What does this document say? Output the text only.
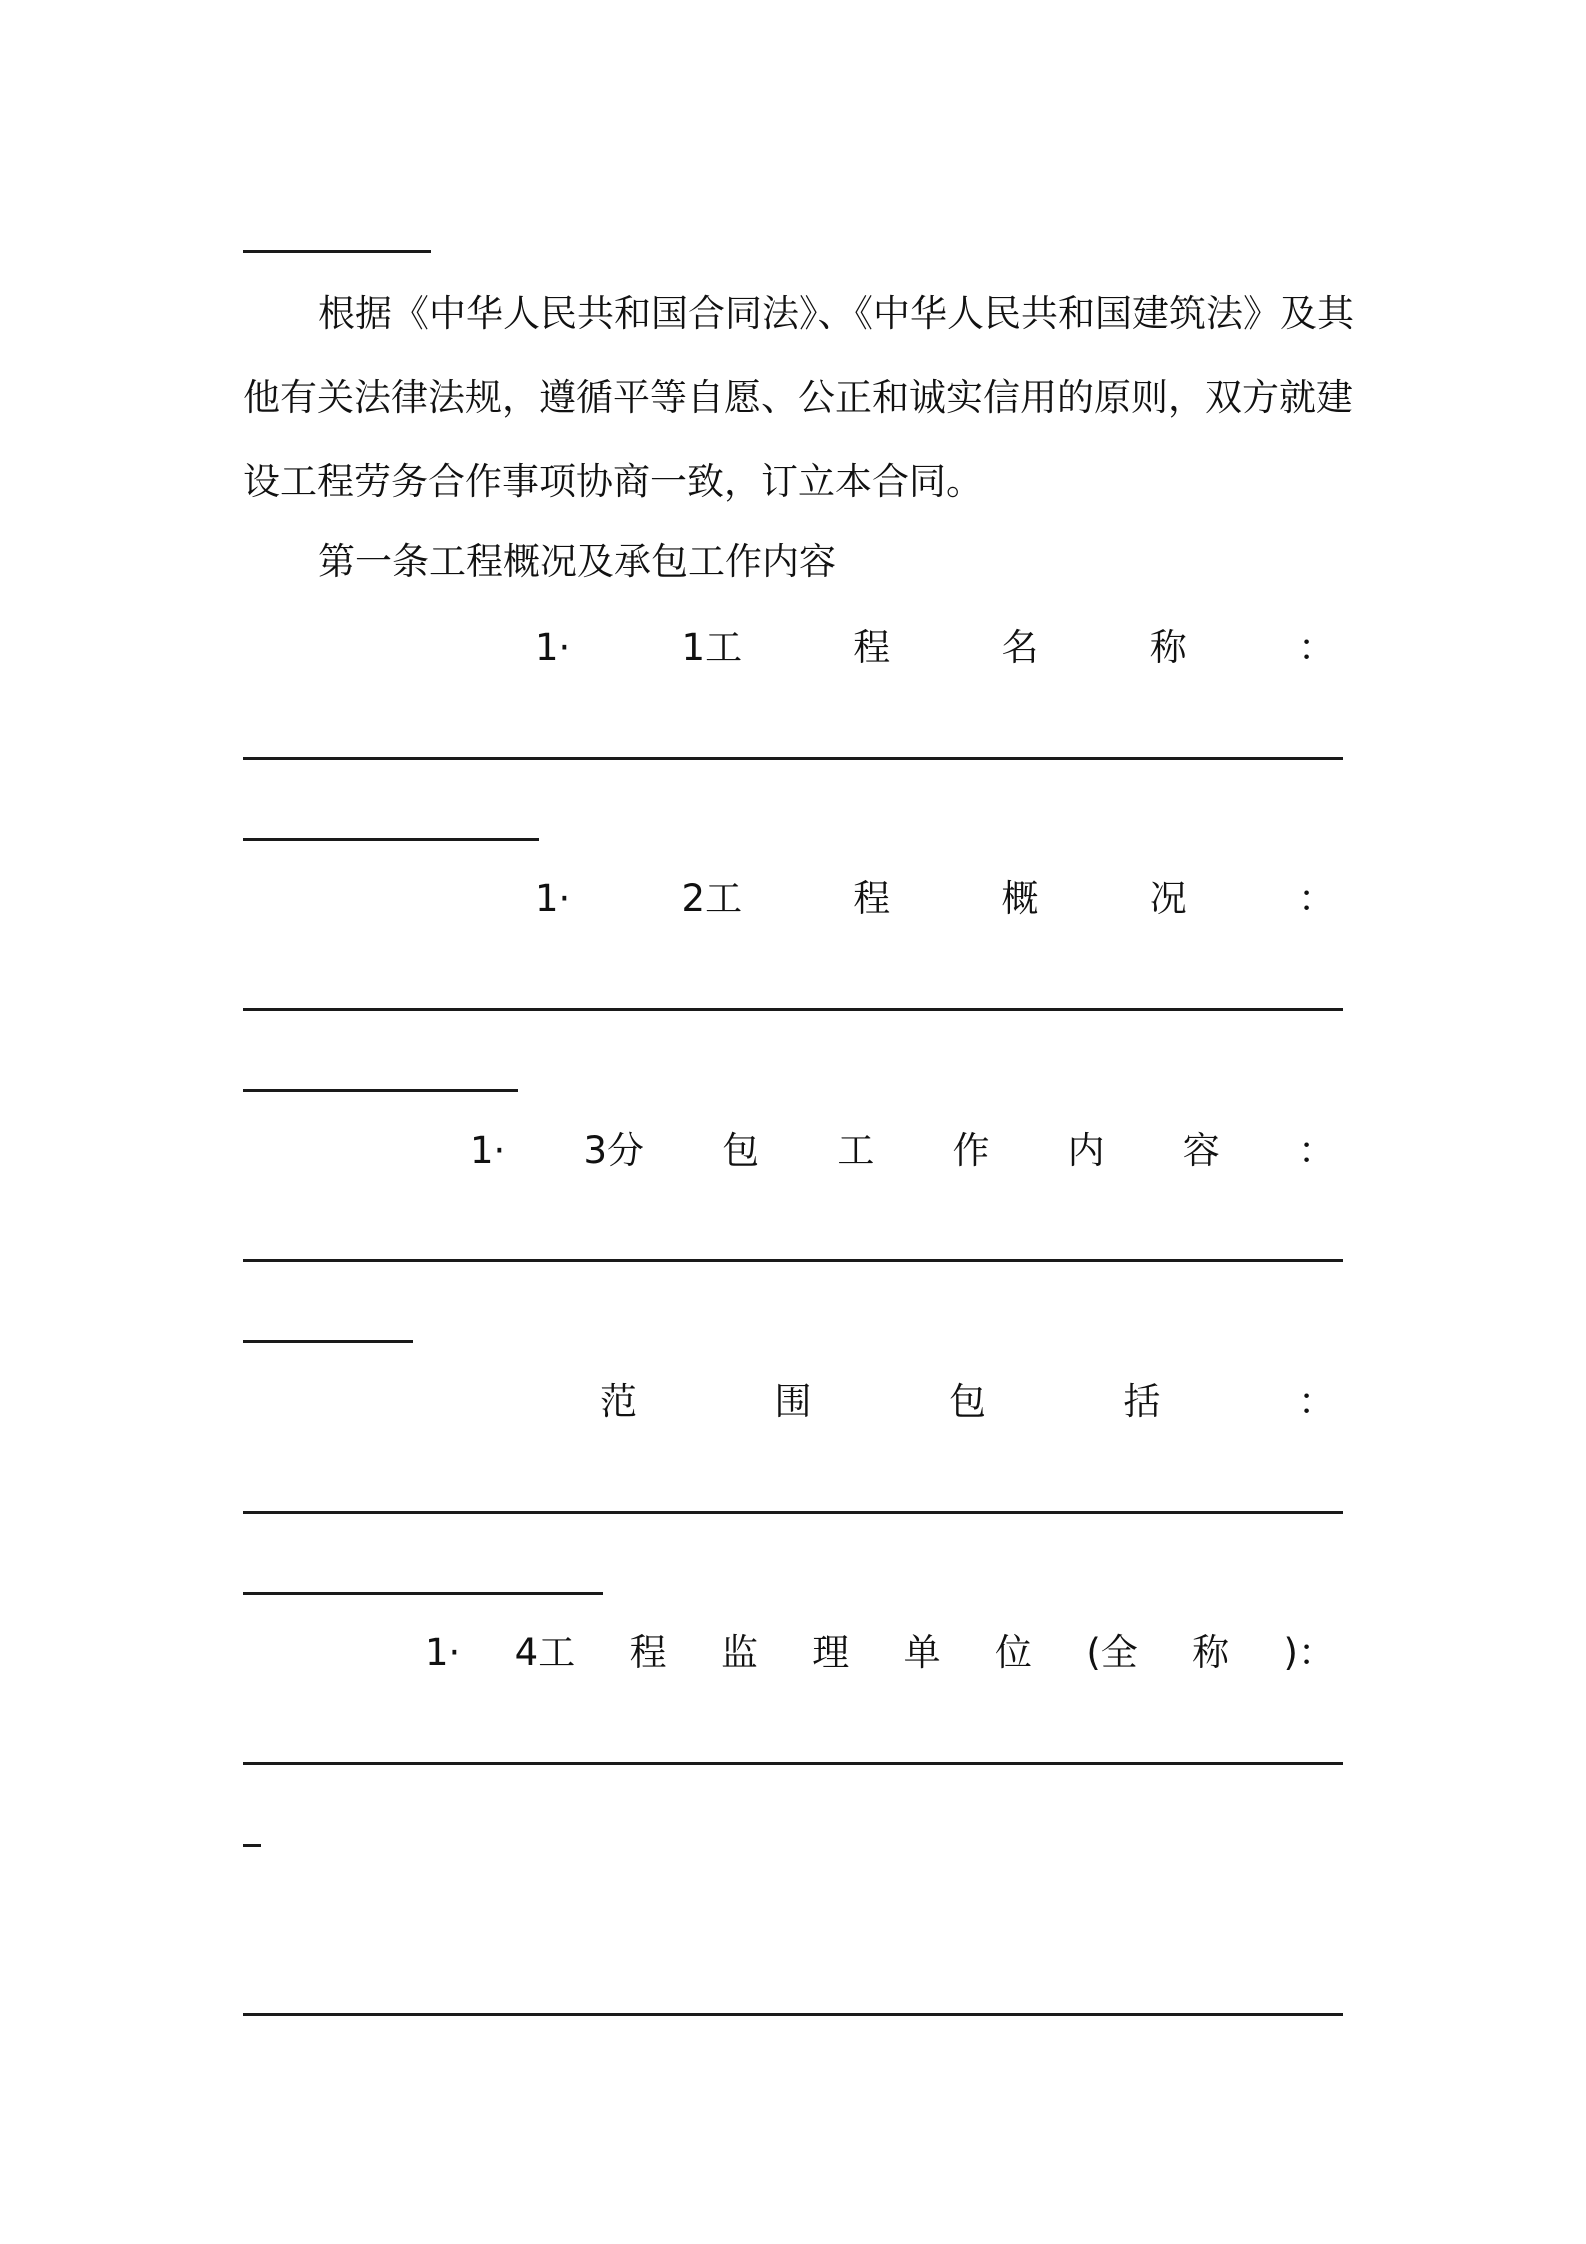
根据《中华人民共和国合同法》、《中华人民共和国建筑法》及其
他有关法律法规，遵循平等自愿、公正和诚实信用的原则，双方就建
设工程劳务合作事项协商一致，订立本合同。

第一条工程概况及承包工作内容

1·	1工	程	名	称	：
1·	2工	程	概	况	：
1· 3分 包 工 作 内 容 ：
范	围	包	括	：
1· 4工 程 监 理 单 位 (全 称 )：
